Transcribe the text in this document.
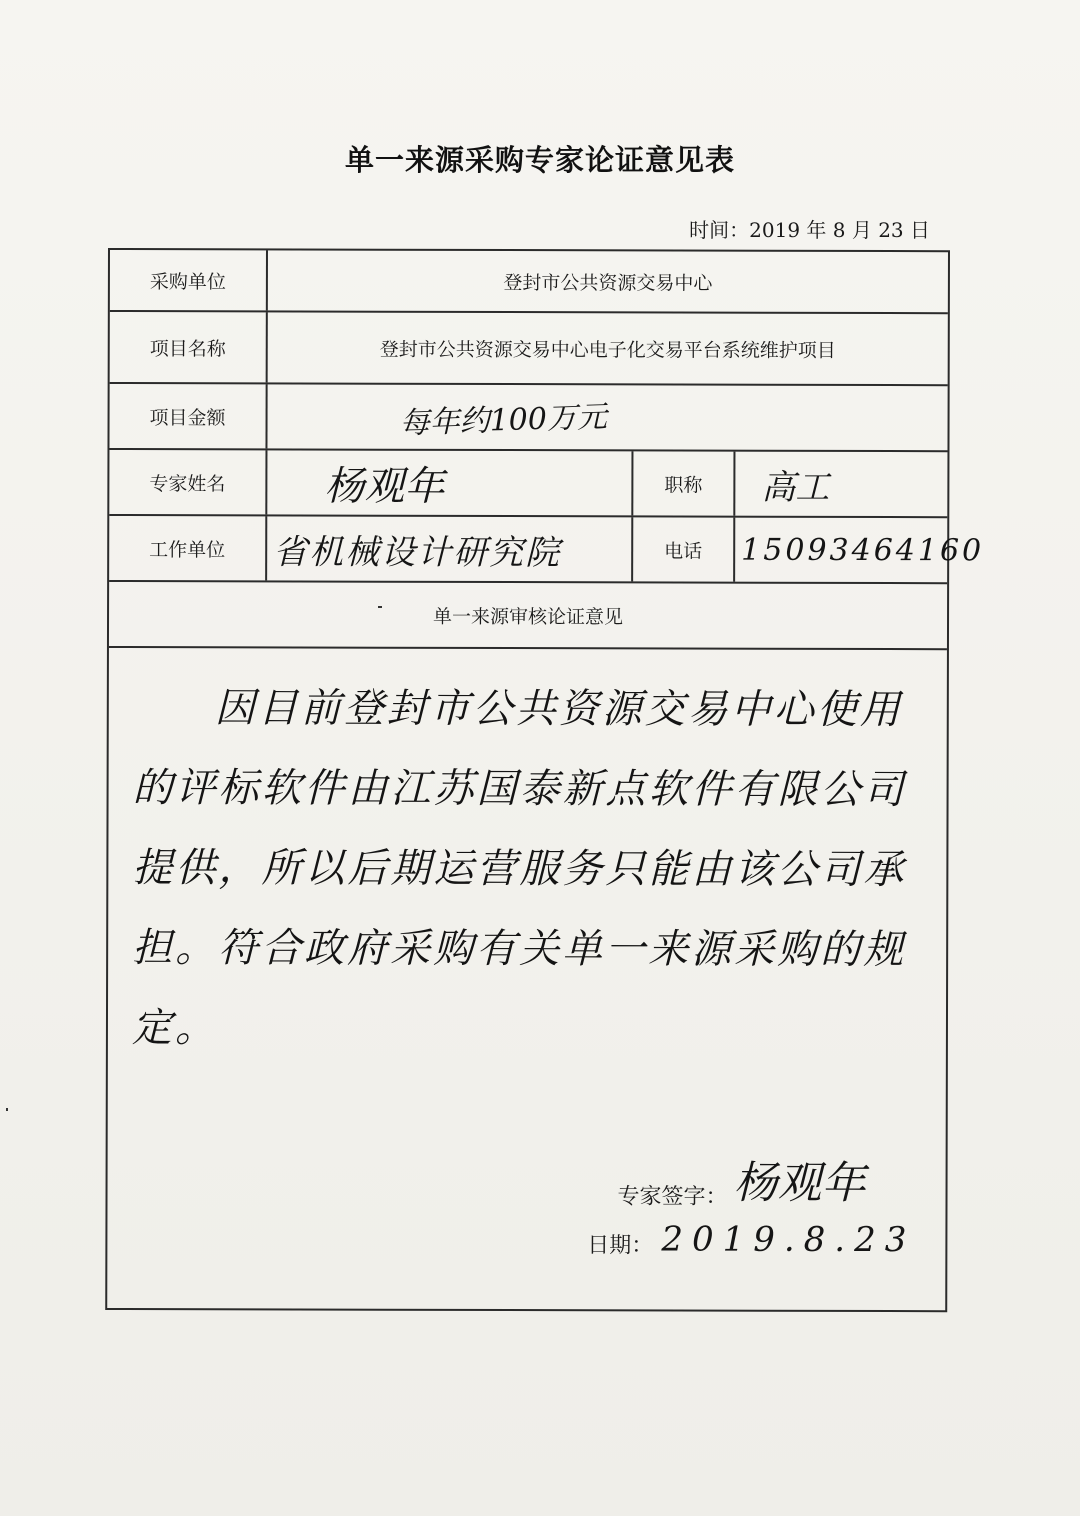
单一来源采购专家论证意见表
时间：2019 年 8 月 23 日
采购单位	登封市公共资源交易中心
项目名称	登封市公共资源交易中心电子化交易平台系统维护项目
项目金额	每年约100万元
专家姓名	杨观年	职称	高工
工作单位	省机械设计研究院	电话	15093464160
单一来源审核论证意见
因目前登封市公共资源交易中心使用的评标软件由江苏国泰新点软件有限公司提供，所以后期运营服务只能由该公司承担。符合政府采购有关单一来源采购的规定。
专家签字： 杨观年
日期： 2019.8.23
